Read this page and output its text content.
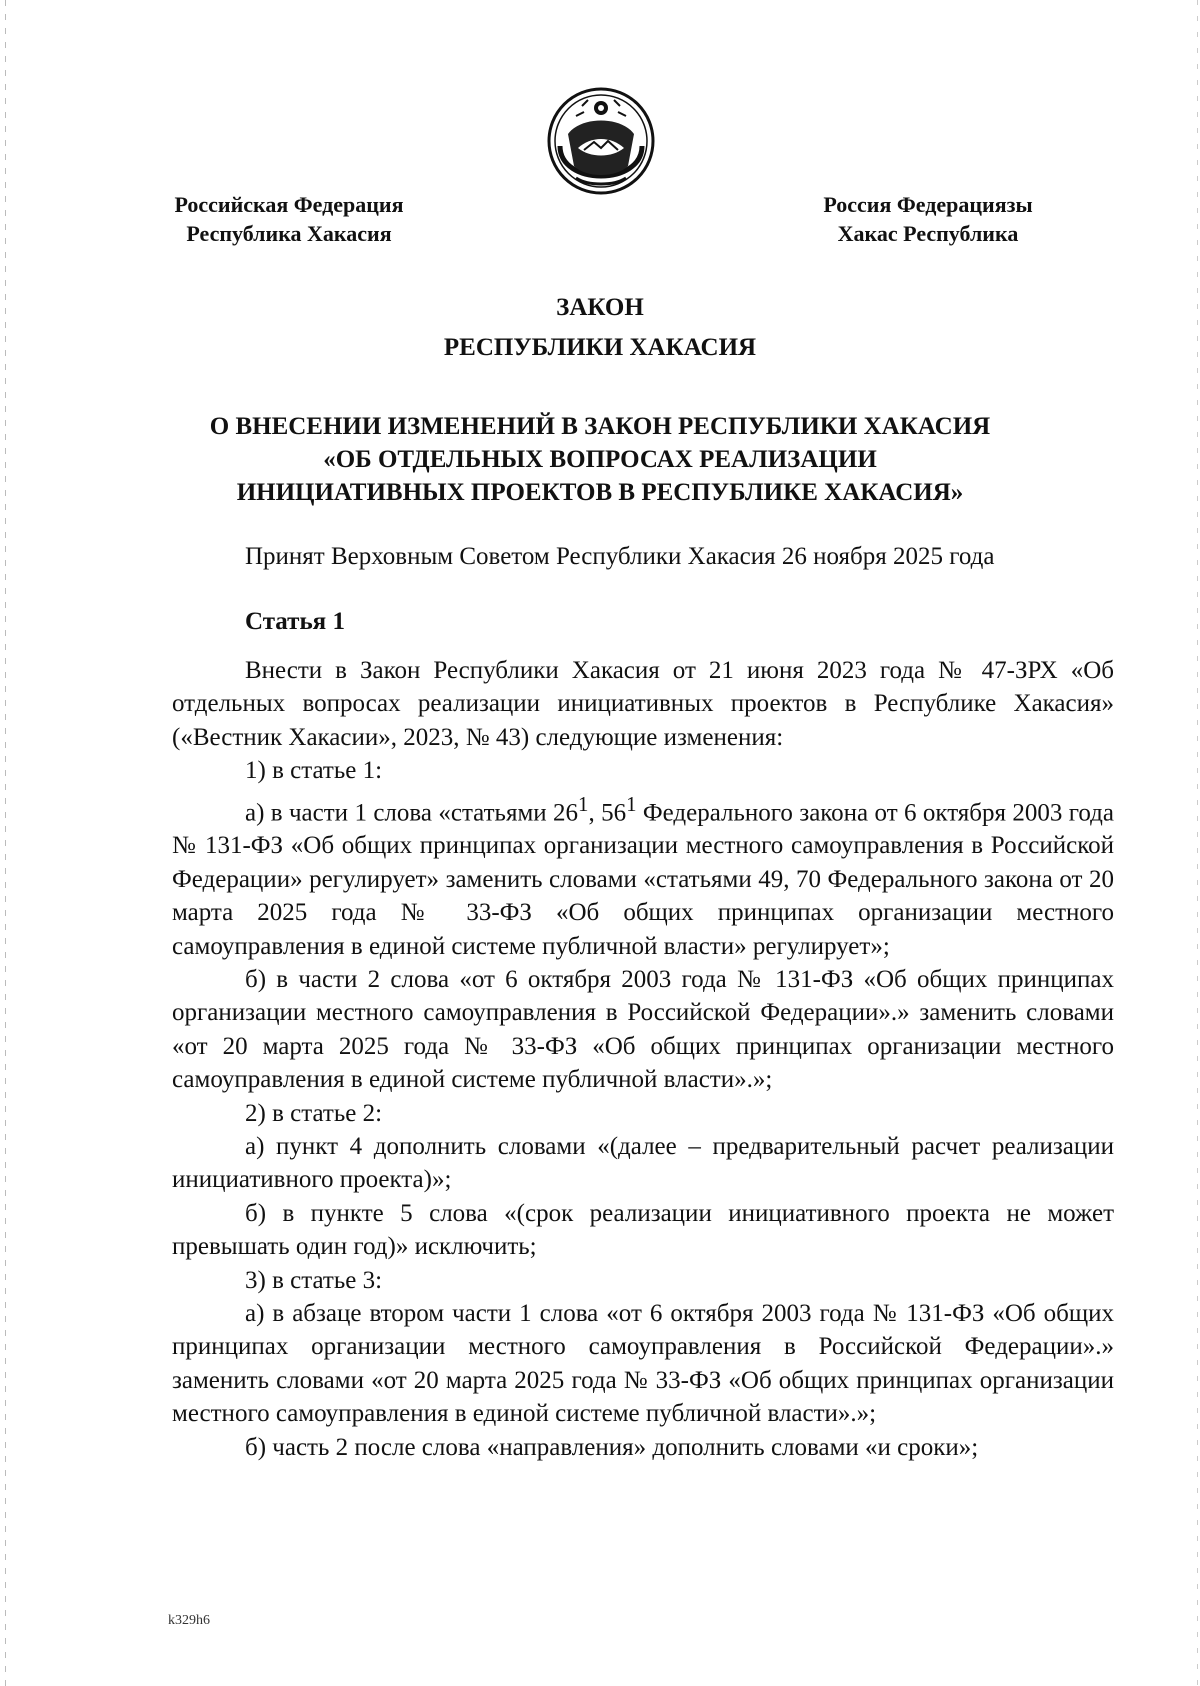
Российская Федерация
Республика Хакасия
Россия Федерациязы
Хакас Республика
ЗАКОН
РЕСПУБЛИКИ ХАКАСИЯ
О ВНЕСЕНИИ ИЗМЕНЕНИЙ В ЗАКОН РЕСПУБЛИКИ ХАКАСИЯ
«ОБ ОТДЕЛЬНЫХ ВОПРОСАХ РЕАЛИЗАЦИИ
ИНИЦИАТИВНЫХ ПРОЕКТОВ В РЕСПУБЛИКЕ ХАКАСИЯ»
Принят Верховным Советом Республики Хакасия 26 ноября 2025 года
Статья 1

Внести в Закон Республики Хакасия от 21 июня 2023 года № 47-ЗРХ «Об отдельных вопросах реализации инициативных проектов в Республике Хакасия» («Вестник Хакасии», 2023, № 43) следующие изменения:

1) в статье 1:

а) в части 1 слова «статьями $26^1$, $56^1$ Федерального закона от 6 октября 2003 года № 131-ФЗ «Об общих принципах организации местного самоуправления в Российской Федерации» регулирует» заменить словами «статьями 49, 70 Федерального закона от 20 марта 2025 года № 33-ФЗ «Об общих принципах организации местного самоуправления в единой системе публичной власти» регулирует»;

б) в части 2 слова «от 6 октября 2003 года № 131-ФЗ «Об общих принципах организации местного самоуправления в Российской Федерации».» заменить словами «от 20 марта 2025 года № 33-ФЗ «Об общих принципах организации местного самоуправления в единой системе публичной власти».»;

2) в статье 2:

а) пункт 4 дополнить словами «(далее – предварительный расчет реализации инициативного проекта)»;

б) в пункте 5 слова «(срок реализации инициативного проекта не может превышать один год)» исключить;

3) в статье 3:

а) в абзаце втором части 1 слова «от 6 октября 2003 года № 131-ФЗ «Об общих принципах организации местного самоуправления в Российской Федерации».» заменить словами «от 20 марта 2025 года № 33-ФЗ «Об общих принципах организации местного самоуправления в единой системе публичной власти».»;

б) часть 2 после слова «направления» дополнить словами «и сроки»;

k329h6
